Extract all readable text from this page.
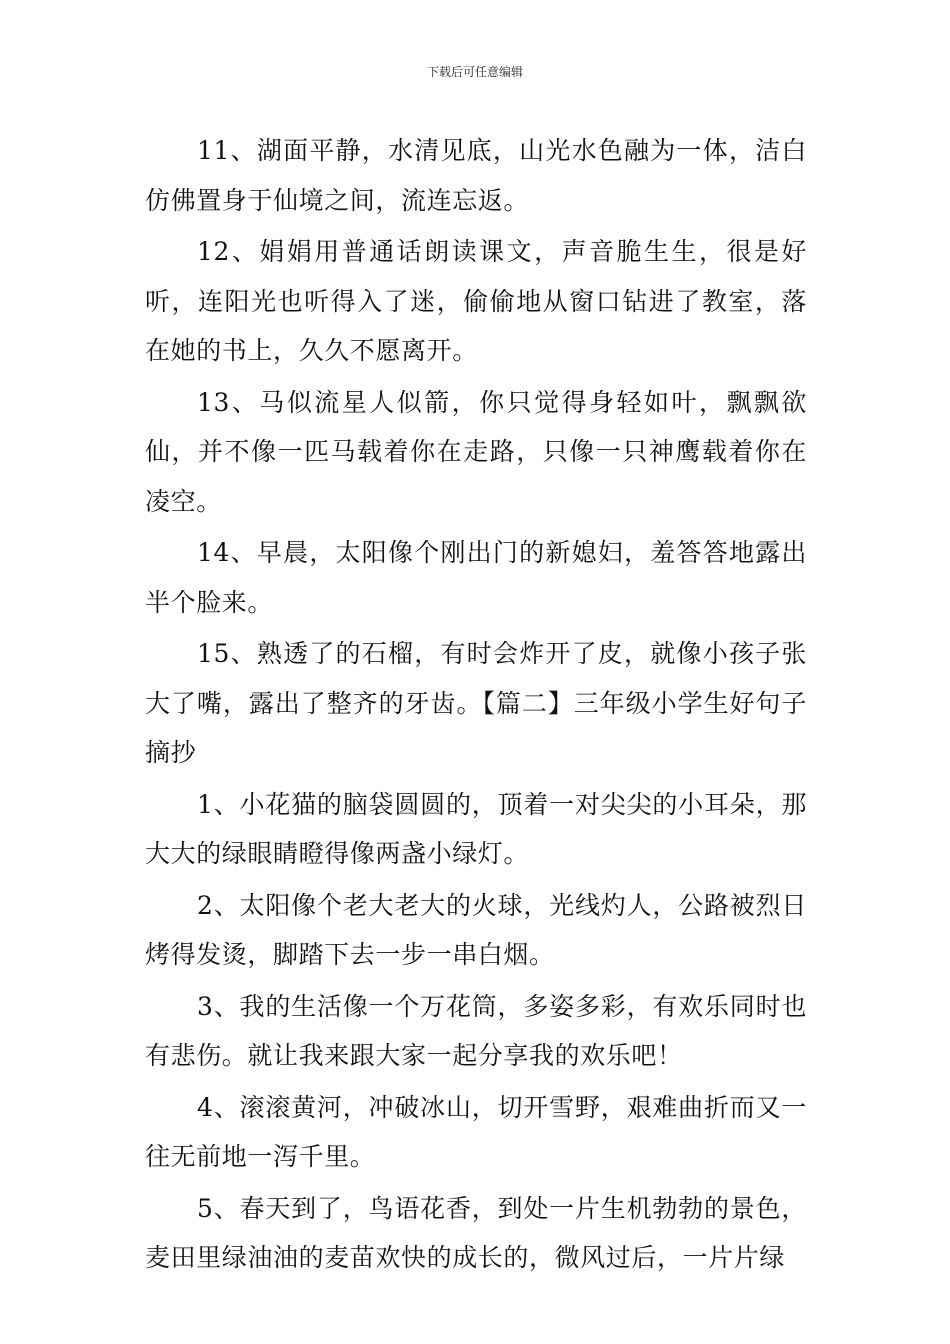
下载后可任意编辑

11、湖面平静，水清见底，山光水色融为一体，洁白仿佛置身于仙境之间，流连忘返。

12、娟娟用普通话朗读课文，声音脆生生，很是好听，连阳光也听得入了迷，偷偷地从窗口钻进了教室，落在她的书上，久久不愿离开。

13、马似流星人似箭，你只觉得身轻如叶，飘飘欲仙，并不像一匹马载着你在走路，只像一只神鹰载着你在凌空。

14、早晨，太阳像个刚出门的新媳妇，羞答答地露出半个脸来。

15、熟透了的石榴，有时会炸开了皮，就像小孩子张大了嘴，露出了整齐的牙齿。【篇二】三年级小学生好句子摘抄

1、小花猫的脑袋圆圆的，顶着一对尖尖的小耳朵，那大大的绿眼睛瞪得像两盏小绿灯。

2、太阳像个老大老大的火球，光线灼人，公路被烈日烤得发烫，脚踏下去一步一串白烟。

3、我的生活像一个万花筒，多姿多彩，有欢乐同时也有悲伤。就让我来跟大家一起分享我的欢乐吧！

4、滚滚黄河，冲破冰山，切开雪野，艰难曲折而又一往无前地一泻千里。

5、春天到了，鸟语花香，到处一片生机勃勃的景色，麦田里绿油油的麦苗欢快的成长的，微风过后，一片片绿
